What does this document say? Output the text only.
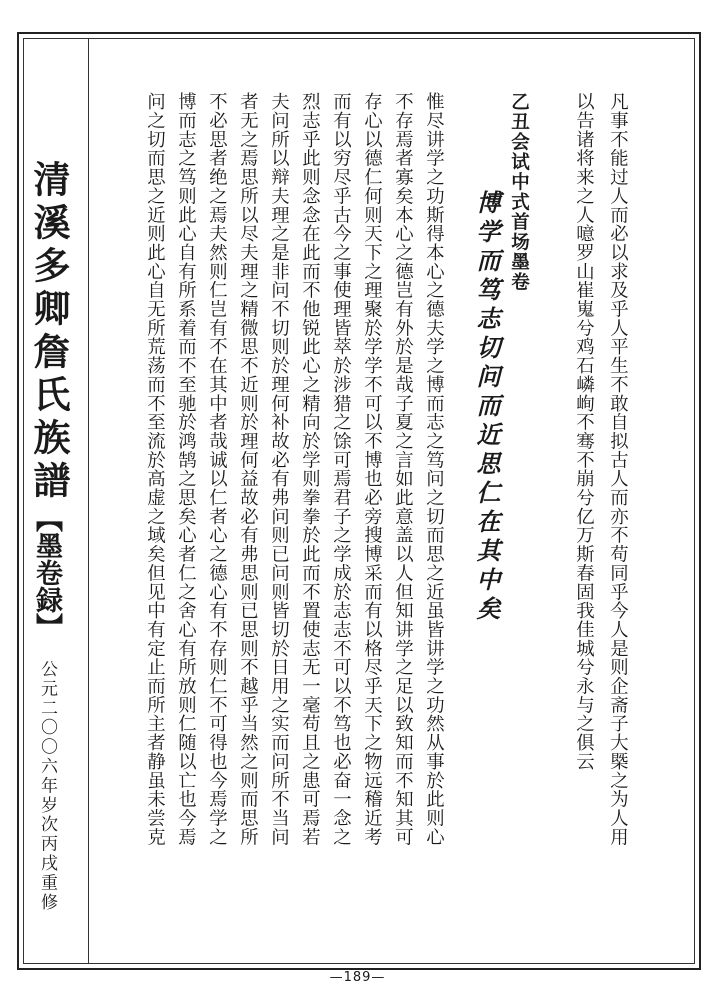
清溪多卿詹氏族譜
【墨卷録】
公元二〇〇六年岁次丙戌重修	凡事不能过人而必以求及乎人平生不敢自拟古人而亦不苟同乎今人是则企斋子大槩之为人用
以告诸将来之人噫罗山崔嵬兮鸡石嶙峋不骞不崩兮亿万斯春固我佳城兮永与之俱云
乙丑会试中式首场墨卷
博学而笃志切问而近思仁在其中矣
惟尽讲学之功斯得本心之德夫学之博而志之笃问之切而思之近虽皆讲学之功然从事於此则心
不存焉者寡矣本心之德岂有外於是哉子夏之言如此意盖以人但知讲学之足以致知而不知其可
存心以德仁何则天下之理聚於学学不可以不博也必旁搜博采而有以格尽乎天下之物远稽近考
而有以穷尽乎古今之事使理皆萃於涉猎之馀可焉君子之学成於志志不可以不笃也必奋一念之
烈志乎此则念念在此而不他锐此心之精向於学则拳拳於此而不置使志无一毫苟且之患可焉若
夫问所以辩夫理之是非问不切则於理何补故必有弗问则已问则皆切於日用之实而问所不当问
者无之焉思所以尽夫理之精微思不近则於理何益故必有弗思则已思则不越乎当然之则而思所
不必思者绝之焉夫然则仁岂有不在其中者哉诚以仁者心之德心有不存则仁不可得也今焉学之
博而志之笃则此心自有所系着而不至驰於鸿鹄之思矣心者仁之舍心有所放则仁随以亡也今焉
问之切而思之近则此心自无所荒荡而不至流於高虚之域矣但见中有定止而所主者静虽未尝克
—189—
